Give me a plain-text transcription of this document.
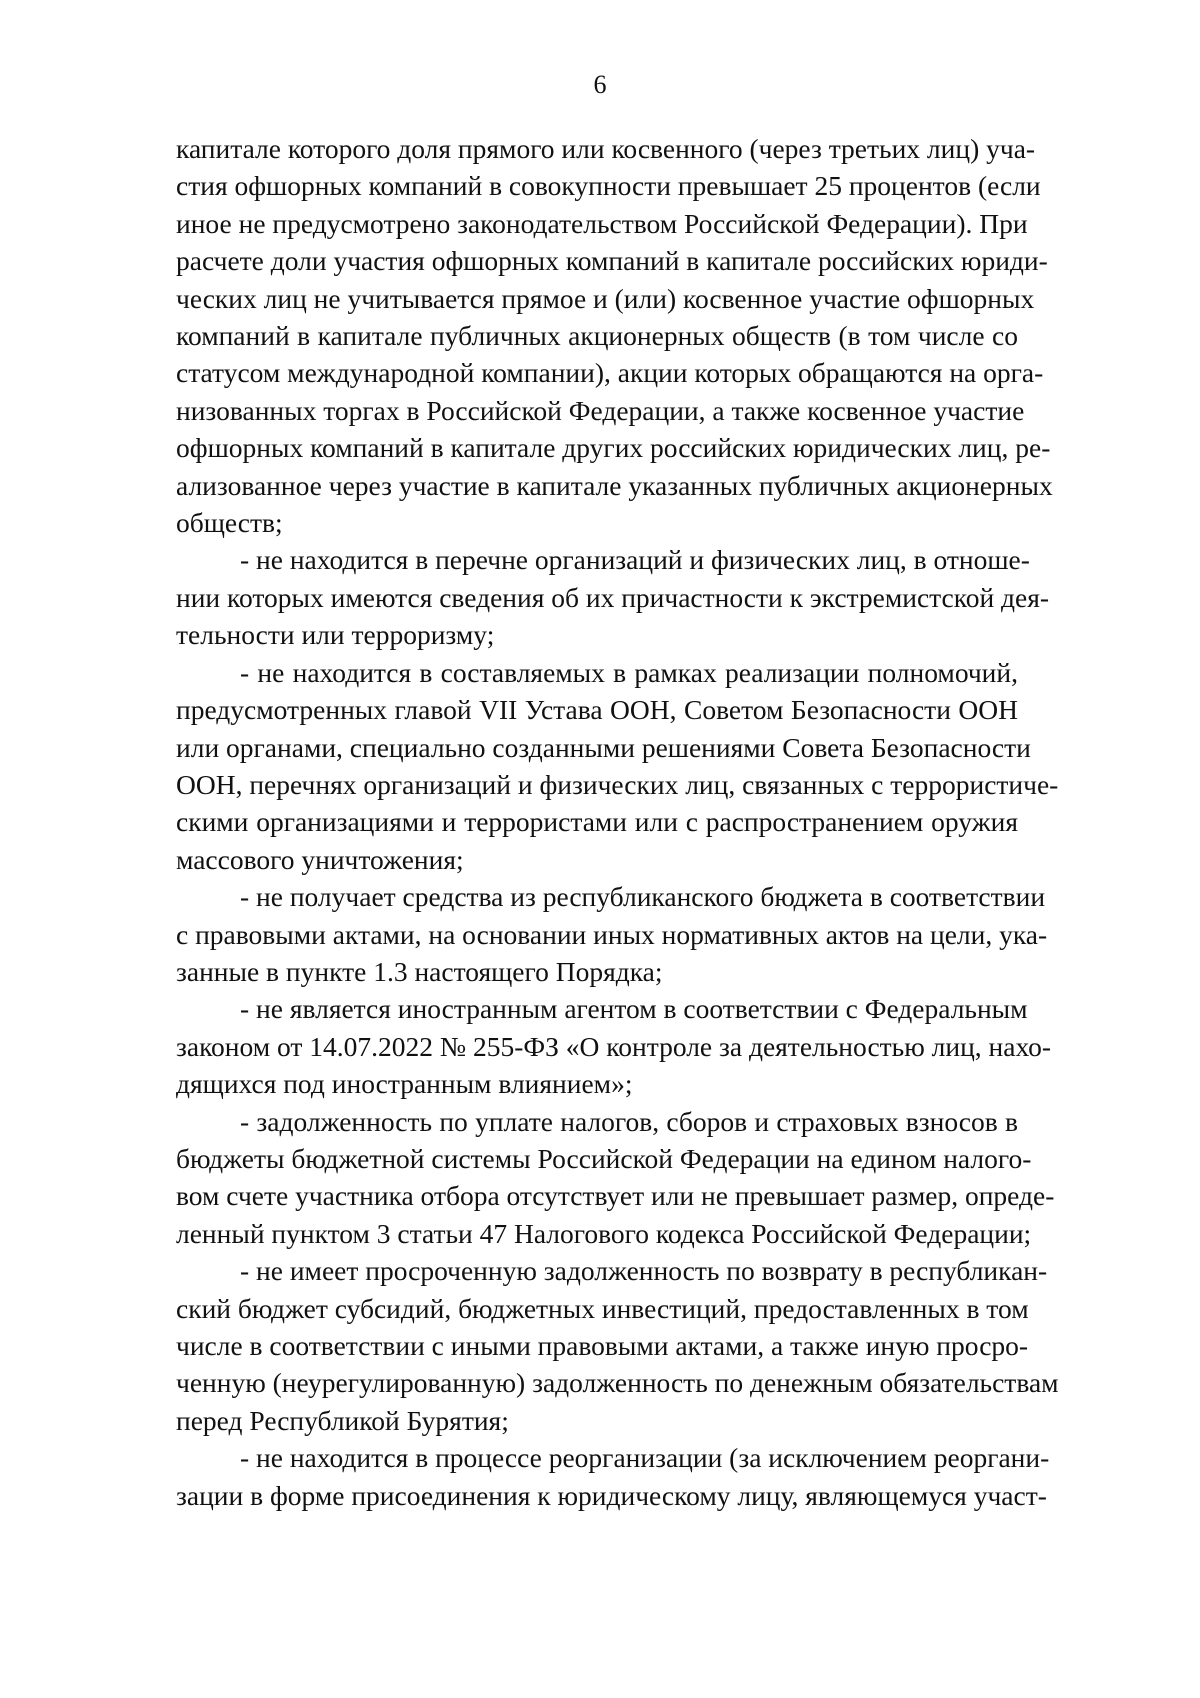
6
капитале которого доля прямого или косвенного (через третьих лиц) уча-
стия офшорных компаний в совокупности превышает 25 процентов (если
иное не предусмотрено законодательством Российской Федерации). При
расчете доли участия офшорных компаний в капитале российских юриди-
ческих лиц не учитывается прямое и (или) косвенное участие офшорных
компаний в капитале публичных акционерных обществ (в том числе со
статусом международной компании), акции которых обращаются на орга-
низованных торгах в Российской Федерации, а также косвенное участие
офшорных компаний в капитале других российских юридических лиц, ре-
ализованное через участие в капитале указанных публичных акционерных
обществ;
- не находится в перечне организаций и физических лиц, в отноше-
нии которых имеются сведения об их причастности к экстремистской дея-
тельности или терроризму;
- не находится в составляемых в рамках реализации полномочий,
предусмотренных главой VII Устава ООН, Советом Безопасности ООН
или органами, специально созданными решениями Совета Безопасности
ООН, перечнях организаций и физических лиц, связанных с террористиче-
скими организациями и террористами или с распространением оружия
массового уничтожения;
- не получает средства из республиканского бюджета в соответствии
с правовыми актами, на основании иных нормативных актов на цели, ука-
занные в пункте 1.3 настоящего Порядка;
- не является иностранным агентом в соответствии с Федеральным
законом от 14.07.2022 № 255-ФЗ «О контроле за деятельностью лиц, нахо-
дящихся под иностранным влиянием»;
- задолженность по уплате налогов, сборов и страховых взносов в
бюджеты бюджетной системы Российской Федерации на едином налого-
вом счете участника отбора отсутствует или не превышает размер, опреде-
ленный пунктом 3 статьи 47 Налогового кодекса Российской Федерации;
- не имеет просроченную задолженность по возврату в республикан-
ский бюджет субсидий, бюджетных инвестиций, предоставленных в том
числе в соответствии с иными правовыми актами, а также иную просро-
ченную (неурегулированную) задолженность по денежным обязательствам
перед Республикой Бурятия;
- не находится в процессе реорганизации (за исключением реоргани-
зации в форме присоединения к юридическому лицу, являющемуся участ-
